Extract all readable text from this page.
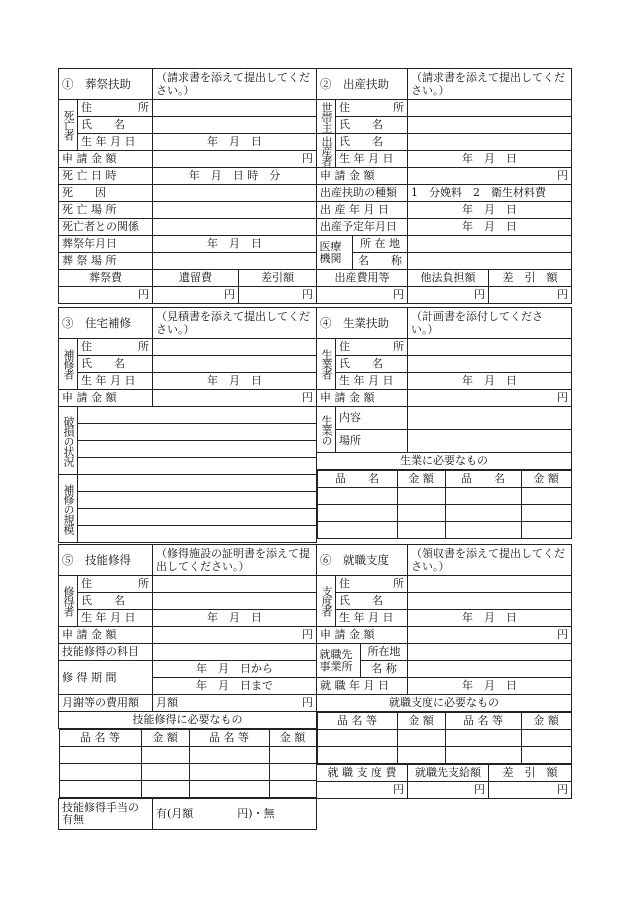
①　 葬祭扶助		（請求書を添えて提出してくだ
さい。）	

死亡者	住　　所		
	氏　　名		
	生 年 月 日	年　月　日	
申 請 金 額		円	
死 亡 日 時		年　月　日 時　分	
死　　因			
死 亡 場 所			
死亡者との関係			
葬祭年月日		年　月　日	
葬 祭 場 所			
葬祭費		遺留費	差引額
円		円	円
②　 出産扶助	（請求書を添えて提出してくだ
さい。）

世帯主	住　　所	
氏　　名	
出産者	氏　　名	
生 年 月 日	年　月　日
申 請 金 額	円
出産扶助の種類	1　分娩料　2　衛生材料費
出 産 年 月 日	年　月　日
出産予定年月日	年　月　日

医療機関	所 在 地
名　　称

出産費用等	他法負担額	差　引　額
円	円	円
③　 住宅補修		（見積書を添えて提出してくだ
さい。）

補修者	住　　所	
	氏　　名	
	生 年 月 日	年　月　日
申 請 金 額		円
破損の状況		

補修の規模		

④　 生業扶助	（計画書を添付してくださ
い。）

生業者	住　　所	
氏　　名	
生 年 月 日	年　月　日
申 請 金 額	円
生業の	内容	
場所	
生業に必要なもの

品　　名	金 額	品　　名	金 額

⑤　 技能修得	（修得施設の証明書を添えて提
出してください。）

修得者	住　　所	
氏　　名	
生 年 月 日	年　月　日
申 請 金 額	円
技能修得の科目	
修 得 期 間	年　月　日から
年　月　日まで
月謝等の費用額	月額	円

技能修得に必要なもの

品 名 等	金 額	品 名 等	金 額

技能修得手当の有無	有(月額　　　　円)・無
⑥　 就職支度	（領収書を添えて提出してくだ
さい。）

支度者	住　　所	
氏　　名	
生 年 月 日	年　月　日
申 請 金 額	円

就職先事業所	所在地
名 称

就 職 年 月 日	年　月　日
就職支度に必要なもの

品 名 等	金 額	品 名 等	金 額

就 職 支 度 費	就職先支給額	差　引　額
円	円	円
